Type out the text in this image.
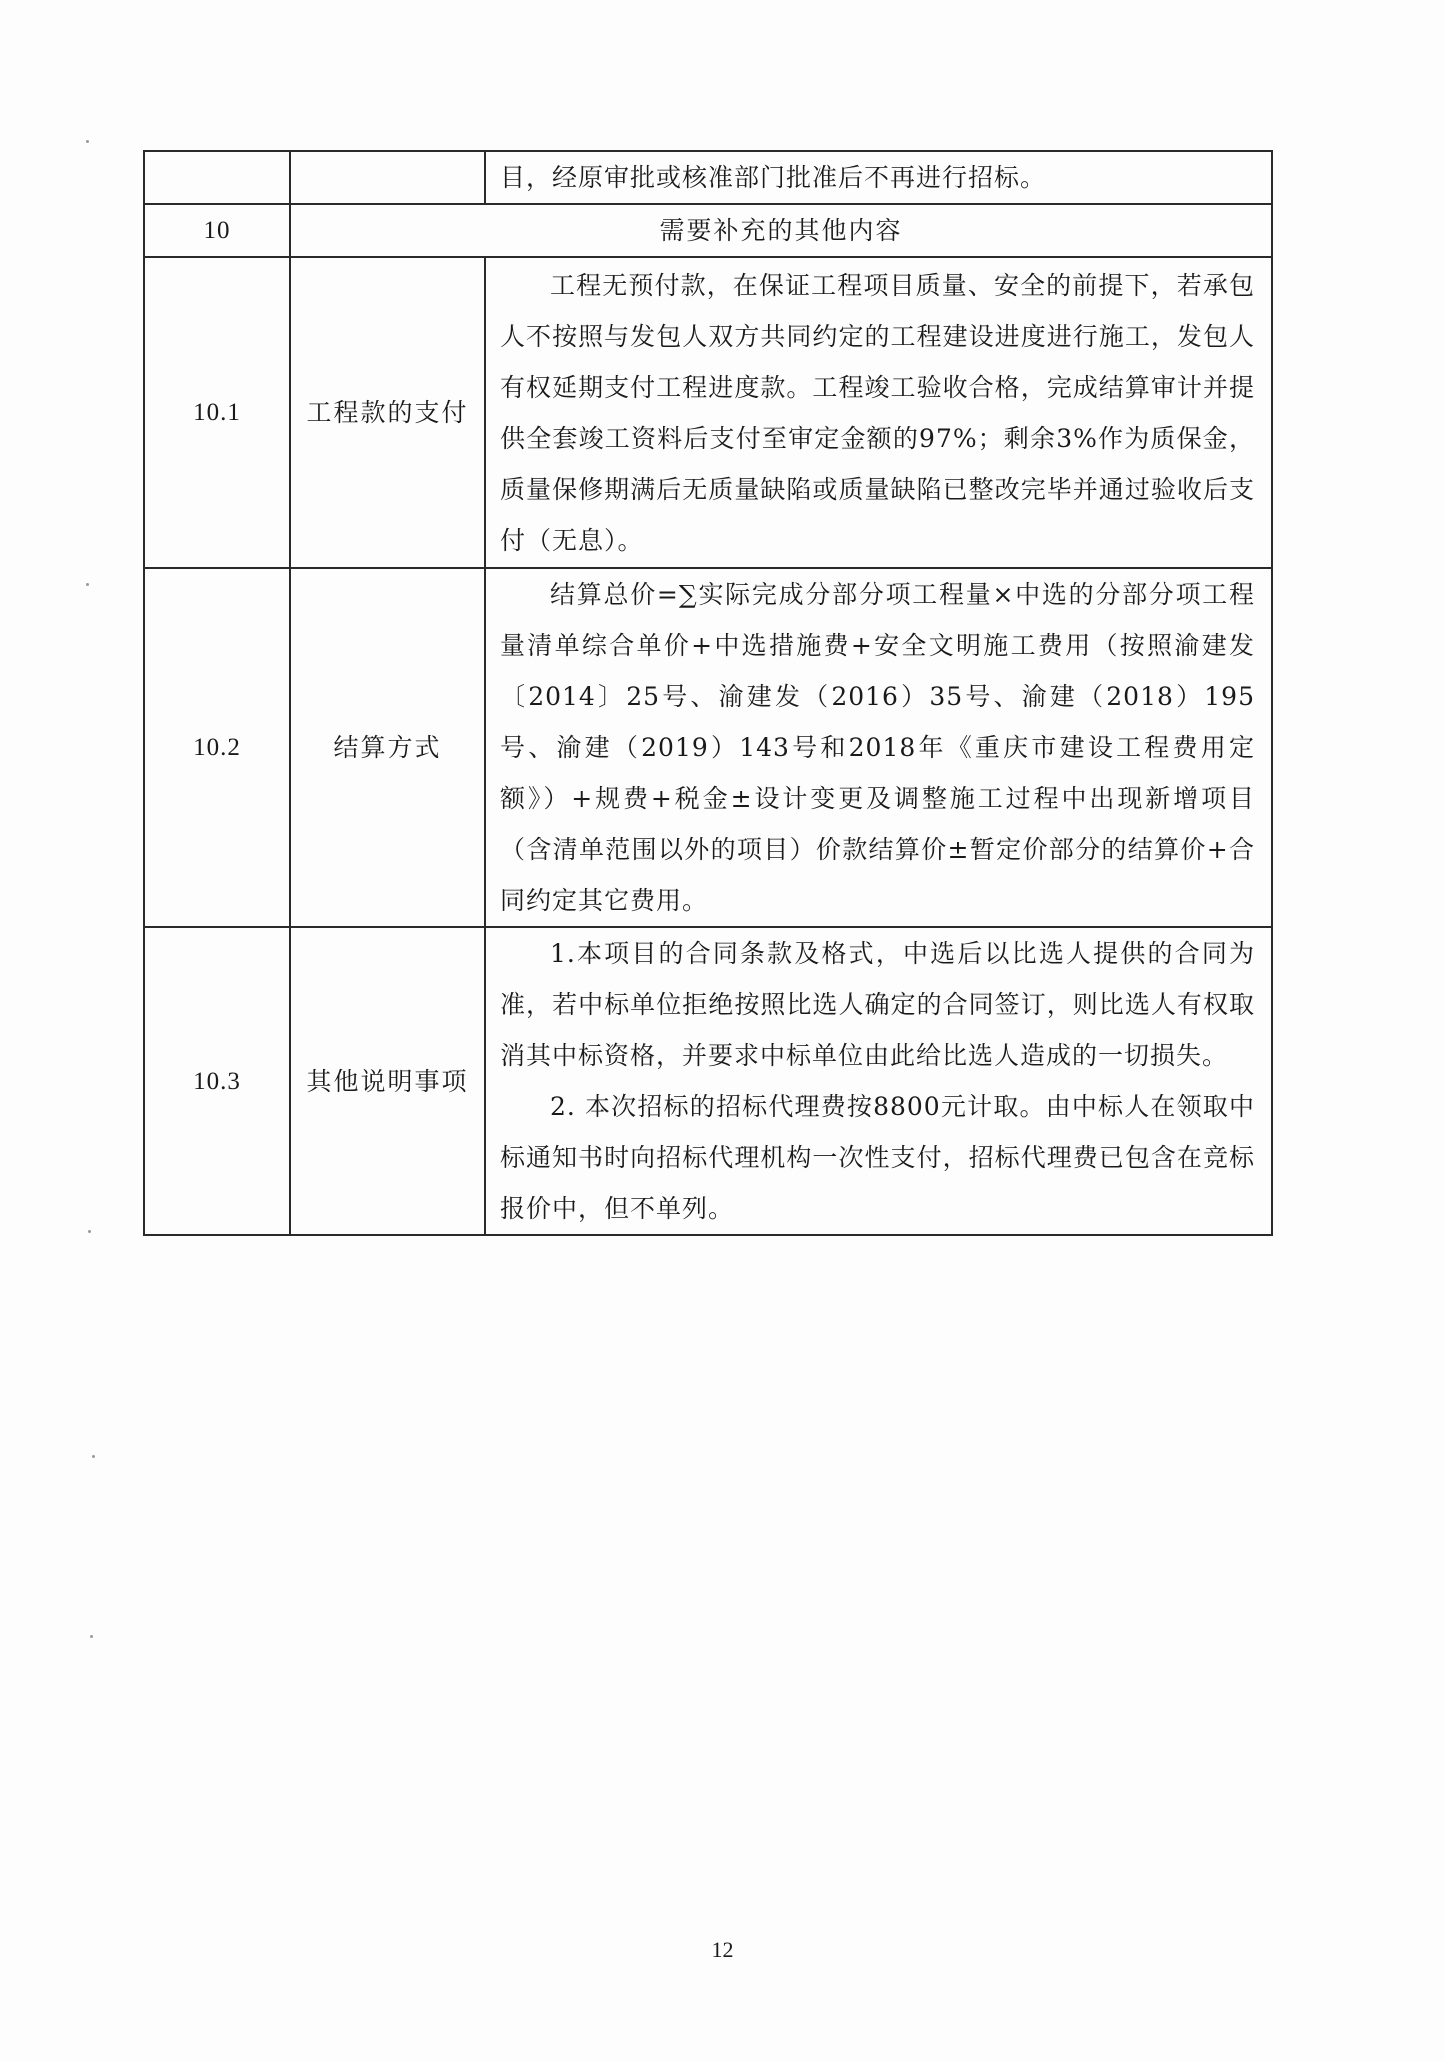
		目，经原审批或核准部门批准后不再进行招标。

10	需要补充的其他内容	
10.1	工程款的支付	工程无预付款，在保证工程项目质量、安全的前提下，若承包人不按照与发包人双方共同约定的工程建设进度进行施工，发包人有权延期支付工程进度款。工程竣工验收合格，完成结算审计并提供全套竣工资料后支付至审定金额的97%；剩余3%作为质保金，质量保修期满后无质量缺陷或质量缺陷已整改完毕并通过验收后支付（无息）。

10.2	结算方式	结算总价=∑实际完成分部分项工程量×中选的分部分项工程量清单综合单价+中选措施费+安全文明施工费用（按照渝建发〔2014〕25号、渝建发（2016）35号、渝建（2018）195号、渝建（2019）143号和2018年《重庆市建设工程费用定额》）+规费+税金±设计变更及调整施工过程中出现新增项目（含清单范围以外的项目）价款结算价±暂定价部分的结算价+合同约定其它费用。

10.3	其他说明事项	1.本项目的合同条款及格式，中选后以比选人提供的合同为准，若中标单位拒绝按照比选人确定的合同签订，则比选人有权取消其中标资格，并要求中标单位由此给比选人造成的一切损失。

2. 本次招标的招标代理费按8800元计取。由中标人在领取中标通知书时向招标代理机构一次性支付，招标代理费已包含在竞标报价中，但不单列。

12
